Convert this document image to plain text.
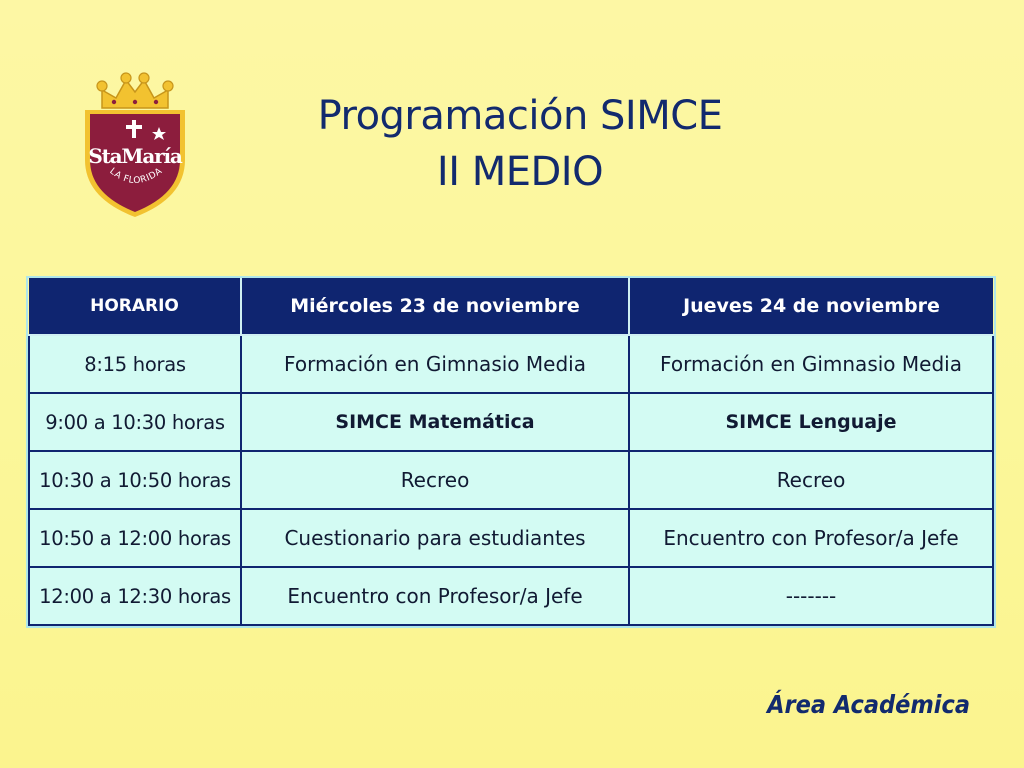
StaMaría
LA FLORIDA
Programación SIMCE
II MEDIO
HORARIO	Miércoles 23 de noviembre	Jueves 24 de noviembre
8:15 horas	Formación en Gimnasio Media	Formación en Gimnasio Media
9:00 a 10:30 horas	SIMCE Matemática	SIMCE Lenguaje
10:30 a 10:50 horas	Recreo	Recreo
10:50 a 12:00 horas	Cuestionario para estudiantes	Encuentro con Profesor/a Jefe
12:00 a 12:30 horas	Encuentro con Profesor/a Jefe	-------
Área Académica
